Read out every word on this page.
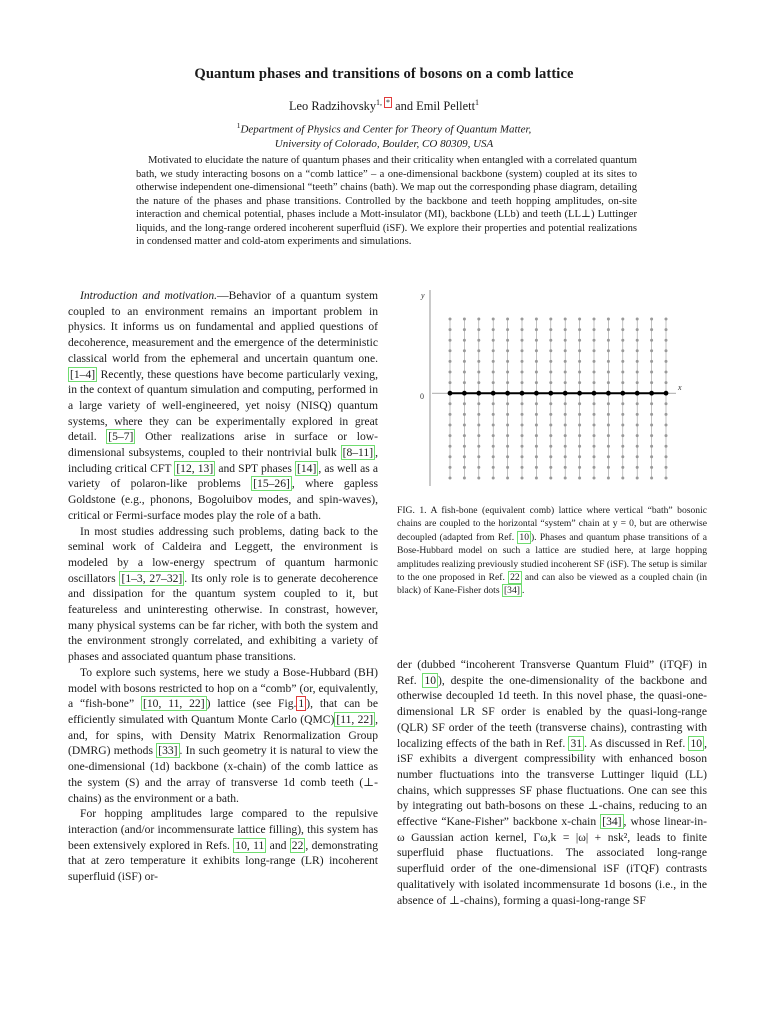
Quantum phases and transitions of bosons on a comb lattice
Leo Radzihovsky$^{1, *}$ and Emil Pellett$^1$
$^1$Department of Physics and Center for Theory of Quantum Matter,
University of Colorado, Boulder, CO 80309, USA
Motivated to elucidate the nature of quantum phases and their criticality when entangled with a correlated quantum bath, we study interacting bosons on a “comb lattice” – a one-dimensional backbone (system) coupled at its sites to otherwise independent one-dimensional “teeth” chains (bath). We map out the corresponding phase diagram, detailing the nature of the phases and phase transitions. Controlled by the backbone and teeth hopping amplitudes, on-site interaction and chemical potential, phases include a Mott-insulator (MI), backbone (LLb) and teeth (LL⊥) Luttinger liquids, and the long-range ordered incoherent superfluid (iSF). We explore their properties and potential realizations in condensed matter and cold-atom experiments and simulations.

Introduction and motivation.—Behavior of a quantum system coupled to an environment remains an important problem in physics. It informs us on fundamental and applied questions of decoherence, measurement and the emergence of the deterministic classical world from the ephemeral and uncertain quantum one. [1–4] Recently, these questions have become particularly vexing, in the context of quantum simulation and computing, performed in a large variety of well-engineered, yet noisy (NISQ) quantum systems, where they can be experimentally explored in great detail. [5–7] Other realizations arise in surface or low-dimensional subsystems, coupled to their nontrivial bulk [8–11] , including critical CFT [12, 13] and SPT phases [14] , as well as a variety of polaron-like problems [15–26] , where gapless Goldstone (e.g., phonons, Bogoluibov modes, and spin-waves), critical or Fermi-surface modes play the role of a bath.

In most studies addressing such problems, dating back to the seminal work of Caldeira and Leggett, the environment is modeled by a low-energy spectrum of quantum harmonic oscillators [1–3, 27–32] . Its only role is to generate decoherence and dissipation for the quantum system coupled to it, but featureless and uninteresting otherwise. In constrast, however, many physical systems can be far richer, with both the system and the environment strongly correlated, and exhibiting a variety of phases and associated quantum phase transitions.

To explore such systems, here we study a Bose-Hubbard (BH) model with bosons restricted to hop on a “comb” (or, equivalently, a “fish-bone” [10, 11, 22] ) lattice (see Fig. 1 ), that can be efficiently simulated with Quantum Monte Carlo (QMC) [11, 22] , and, for spins, with Density Matrix Renormalization Group (DMRG) methods [33] . In such geometry it is natural to view the one-dimensional (1d) backbone (x-chain) of the comb lattice as the system (S) and the array of transverse 1d comb teeth (⊥-chains) as the environment or a bath.

For hopping amplitudes large compared to the repulsive interaction (and/or incommensurate lattice filling), this system has been extensively explored in Refs. 10, 11 and 22 , demonstrating that at zero temperature it exhibits long-range (LR) incoherent superfluid (iSF) or-

y
x
0
FIG. 1. A fish-bone (equivalent comb) lattice where vertical “bath” bosonic chains are coupled to the horizontal “system” chain at y = 0, but are otherwise decoupled (adapted from Ref. 10 ). Phases and quantum phase transitions of a Bose-Hubbard model on such a lattice are studied here, at large hopping amplitudes realizing previously studied incoherent SF (iSF). The setup is similar to the one proposed in Ref. 22 and can also be viewed as a coupled chain (in black) of Kane-Fisher dots [34] .

der (dubbed “incoherent Transverse Quantum Fluid” (iTQF) in Ref. 10 ), despite the one-dimensionality of the backbone and otherwise decoupled 1d teeth. In this novel phase, the quasi-one-dimensional LR SF order is enabled by the quasi-long-range (QLR) SF order of the teeth (transverse chains), contrasting with localizing effects of the bath in Ref. 31 . As discussed in Ref. 10 , iSF exhibits a divergent compressibility with enhanced boson number fluctuations into the transverse Luttinger liquid (LL) chains, which suppresses SF phase fluctuations. One can see this by integrating out bath-bosons on these ⊥-chains, reducing to an effective “Kane-Fisher” backbone x-chain [34] , whose linear-in-ω Gaussian action kernel, Γω,k = |ω| + nsk², leads to finite superfluid phase fluctuations. The associated long-range superfluid order of the one-dimensional iSF (iTQF) contrasts qualitatively with isolated incommensurate 1d bosons (i.e., in the absence of ⊥-chains), forming a quasi-long-range SF
